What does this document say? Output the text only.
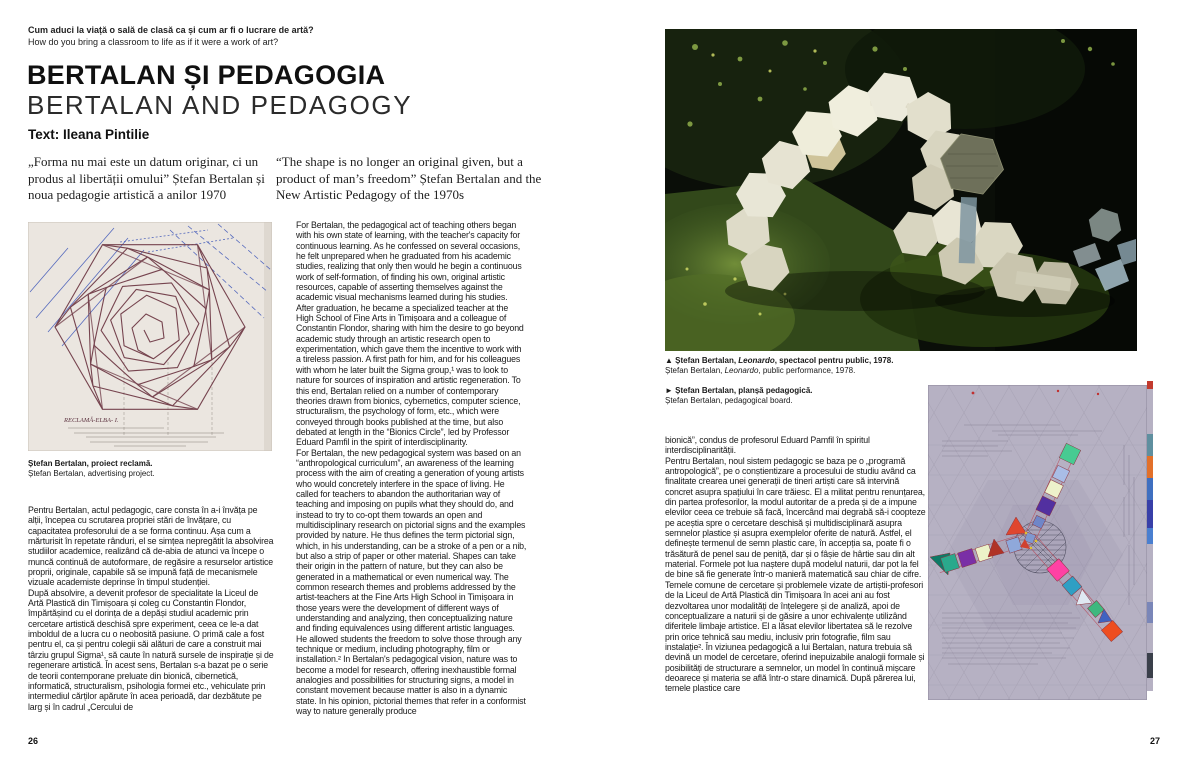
Cum aduci la viață o sală de clasă ca și cum ar fi o lucrare de artă?
How do you bring a classroom to life as if it were a work of art?
BERTALAN ȘI PEDAGOGIA
BERTALAN AND PEDAGOGY
Text: Ileana Pintilie
„Forma nu mai este un datum originar, ci un produs al libertății omului” Ștefan Bertalan și noua pedagogie artistică a anilor 1970
“The shape is no longer an original given, but a product of man’s freedom” Ștefan Bertalan and the New Artistic Pedagogy of the 1970s
RECLAMĂ-ELBA- I.
Ștefan Bertalan, proiect reclamă.
Ștefan Bertalan, advertising project.

Pentru Bertalan, actul pedagogic, care consta în a-i învăța pe alții, începea cu scrutarea propriei stări de învățare, cu capacitatea profesorului de a se forma continuu. Așa cum a mărturisit în repetate rânduri, el se simțea nepregătit la absolvirea studiilor academice, realizând că de-abia de atunci va începe o muncă continuă de autoformare, de regăsire a resurselor artistice proprii, originale, capabile să se impună față de mecanismele vizuale academiste deprinse în timpul studenției.

După absolvire, a devenit profesor de specialitate la Liceul de Artă Plastică din Timișoara și coleg cu Constantin Flondor, împărtășind cu el dorința de a depăși studiul academic prin cercetare artistică deschisă spre experiment, ceea ce le-a dat imboldul de a lucra cu o neobosită pasiune. O primă cale a fost pentru el, ca și pentru colegii săi alături de care a construit mai târziu grupul Sigma¹, să caute în natură sursele de inspirație și de regenerare artistică. În acest sens, Bertalan s-a bazat pe o serie de teorii contemporane preluate din bionică, cibernetică, informatică, structuralism, psihologia formei etc., vehiculate prin intermediul cărților apărute în acea perioadă, dar dezbătute pe larg și în cadrul „Cercului de

For Bertalan, the pedagogical act of teaching others began with his own state of learning, with the teacher's capacity for continuous learning. As he confessed on several occasions, he felt unprepared when he graduated from his academic studies, realizing that only then would he begin a continuous work of self-formation, of finding his own, original artistic resources, capable of asserting themselves against the academic visual mechanisms learned during his studies.

After graduation, he became a specialized teacher at the High School of Fine Arts in Timișoara and a colleague of Constantin Flondor, sharing with him the desire to go beyond academic study through an artistic research open to experimentation, which gave them the incentive to work with a tireless passion. A first path for him, and for his colleagues with whom he later built the Sigma group,¹ was to look to nature for sources of inspiration and artistic regeneration. To this end, Bertalan relied on a number of contemporary theories drawn from bionics, cybernetics, computer science, structuralism, the psychology of form, etc., which were conveyed through books published at the time, but also debated at length in the “Bionics Circle”, led by Professor Eduard Pamfil in the spirit of interdisciplinarity.

For Bertalan, the new pedagogical system was based on an “anthropological curriculum”, an awareness of the learning process with the aim of creating a generation of young artists who would concretely interfere in the space of living. He called for teachers to abandon the authoritarian way of teaching and imposing on pupils what they should do, and instead to try to co-opt them towards an open and multidisciplinary research on pictorial signs and the examples provided by nature. He thus defines the term pictorial sign, which, in his understanding, can be a stroke of a pen or a nib, but also a strip of paper or other material. Shapes can take their origin in the pattern of nature, but they can also be generated in a mathematical or even numerical way. The common research themes and problems addressed by the artist-teachers at the Fine Arts High School in Timișoara in those years were the development of different ways of understanding and analyzing, then conceptualizing nature and finding equivalences using different artistic languages. He allowed students the freedom to solve those through any technique or medium, including photography, film or installation.² In Bertalan's pedagogical vision, nature was to become a model for research, offering inexhaustible formal analogies and possibilities for structuring signs, a model in constant movement because matter is also in a dynamic state. In his opinion, pictorial themes that refer in a conformist way to nature generally produce

26
▲ Ștefan Bertalan, Leonardo, spectacol pentru public, 1978.
Ștefan Bertalan, Leonardo, public performance, 1978.
► Ștefan Bertalan, planșă pedagogică.
Ștefan Bertalan, pedagogical board.

bionică”, condus de profesorul Eduard Pamfil în spiritul interdisciplinarității.

Pentru Bertalan, noul sistem pedagogic se baza pe o „programă antropologică”, pe o conștientizare a procesului de studiu având ca finalitate crearea unei generații de tineri artiști care să intervină concret asupra spațiului în care trăiesc. El a militat pentru renunțarea, din partea profesorilor, la modul autoritar de a preda și de a impune elevilor ceea ce trebuie să facă, încercând mai degrabă să-i coopteze pe aceștia spre o cercetare deschisă și multidisciplinară asupra semnelor plastice și asupra exemplelor oferite de natură. Astfel, el definește termenul de semn plastic care, în accepția sa, poate fi o trăsătură de penel sau de peniță, dar și o fâșie de hârtie sau din alt material. Formele pot lua naștere după modelul naturii, dar pot la fel de bine să fie generate într-o manieră matematică sau chiar de cifre.

Temele comune de cercetare și problemele vizate de artiștii-profesori de la Liceul de Artă Plastică din Timișoara în acei ani au fost dezvoltarea unor modalități de înțelegere și de analiză, apoi de conceptualizare a naturii și de găsire a unor echivalențe utilizând diferitele limbaje artistice. El a lăsat elevilor libertatea să le rezolve prin orice tehnică sau mediu, inclusiv prin fotografie, film sau instalație². În viziunea pedagogică a lui Bertalan, natura trebuia să devină un model de cercetare, oferind inepuizabile analogii formale și posibilități de structurare a semnelor, un model în continuă mișcare deoarece și materia se află într-o stare dinamică. După părerea lui, temele plastice care

27
